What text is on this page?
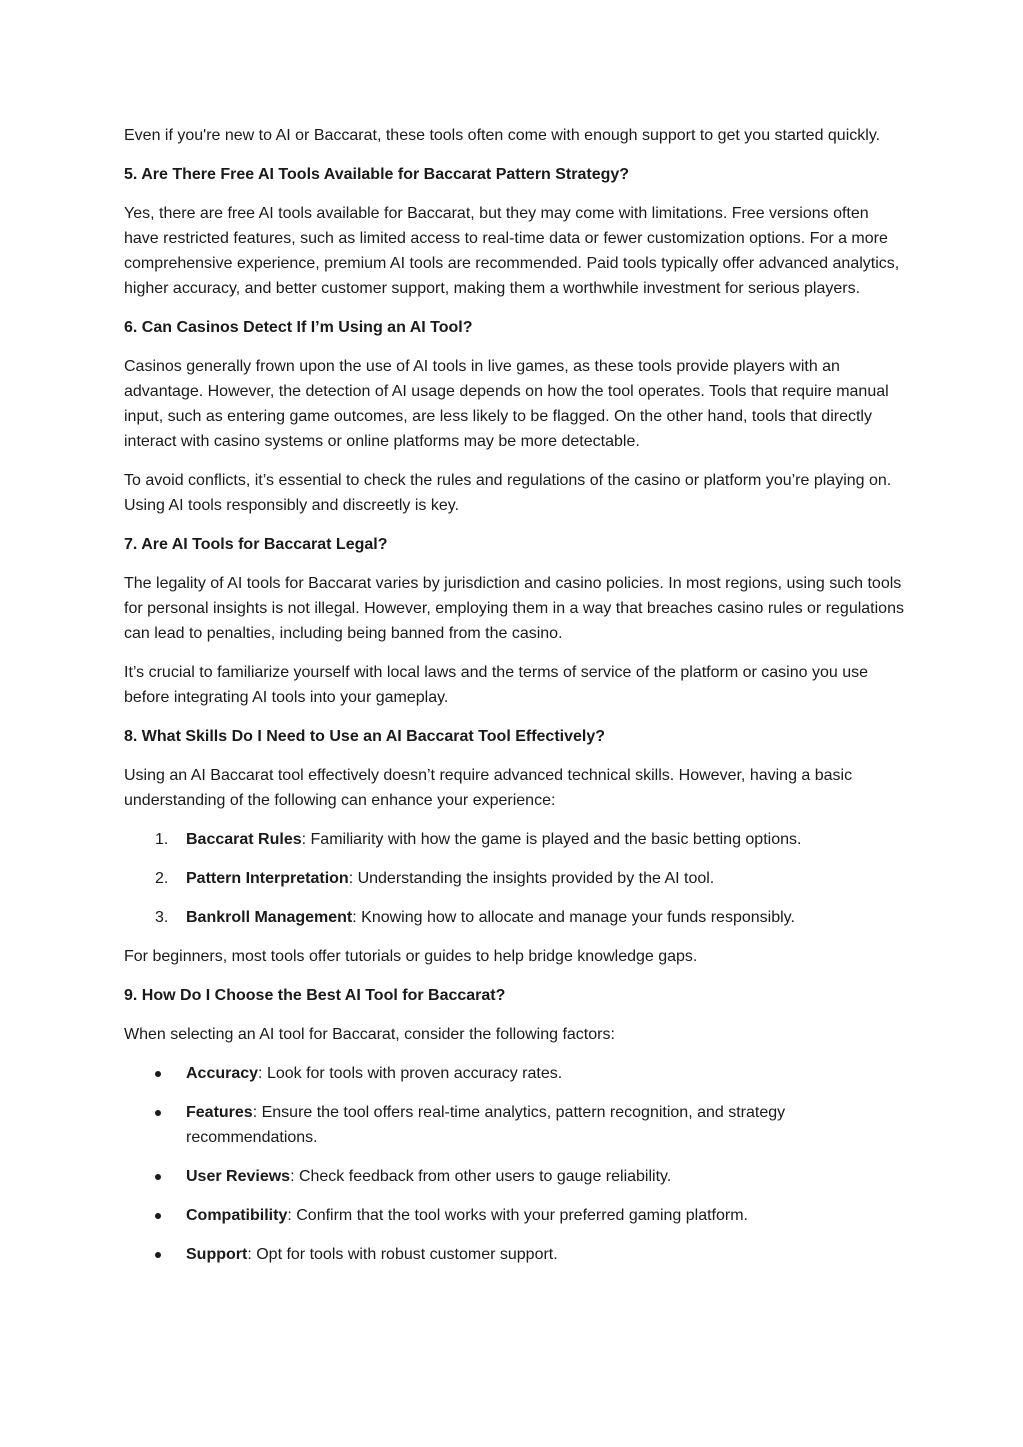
Even if you're new to AI or Baccarat, these tools often come with enough support to get you started quickly.

5. Are There Free AI Tools Available for Baccarat Pattern Strategy?

Yes, there are free AI tools available for Baccarat, but they may come with limitations. Free versions often have restricted features, such as limited access to real-time data or fewer customization options. For a more comprehensive experience, premium AI tools are recommended. Paid tools typically offer advanced analytics, higher accuracy, and better customer support, making them a worthwhile investment for serious players.

6. Can Casinos Detect If I’m Using an AI Tool?

Casinos generally frown upon the use of AI tools in live games, as these tools provide players with an advantage. However, the detection of AI usage depends on how the tool operates. Tools that require manual input, such as entering game outcomes, are less likely to be flagged. On the other hand, tools that directly interact with casino systems or online platforms may be more detectable.

To avoid conflicts, it’s essential to check the rules and regulations of the casino or platform you’re playing on. Using AI tools responsibly and discreetly is key.

7. Are AI Tools for Baccarat Legal?

The legality of AI tools for Baccarat varies by jurisdiction and casino policies. In most regions, using such tools for personal insights is not illegal. However, employing them in a way that breaches casino rules or regulations can lead to penalties, including being banned from the casino.

It’s crucial to familiarize yourself with local laws and the terms of service of the platform or casino you use before integrating AI tools into your gameplay.

8. What Skills Do I Need to Use an AI Baccarat Tool Effectively?

Using an AI Baccarat tool effectively doesn’t require advanced technical skills. However, having a basic understanding of the following can enhance your experience:

1. Baccarat Rules: Familiarity with how the game is played and the basic betting options.
2. Pattern Interpretation: Understanding the insights provided by the AI tool.
3. Bankroll Management: Knowing how to allocate and manage your funds responsibly.

For beginners, most tools offer tutorials or guides to help bridge knowledge gaps.

9. How Do I Choose the Best AI Tool for Baccarat?

When selecting an AI tool for Baccarat, consider the following factors:

Accuracy: Look for tools with proven accuracy rates.
Features: Ensure the tool offers real-time analytics, pattern recognition, and strategy recommendations.
User Reviews: Check feedback from other users to gauge reliability.
Compatibility: Confirm that the tool works with your preferred gaming platform.
Support: Opt for tools with robust customer support.
